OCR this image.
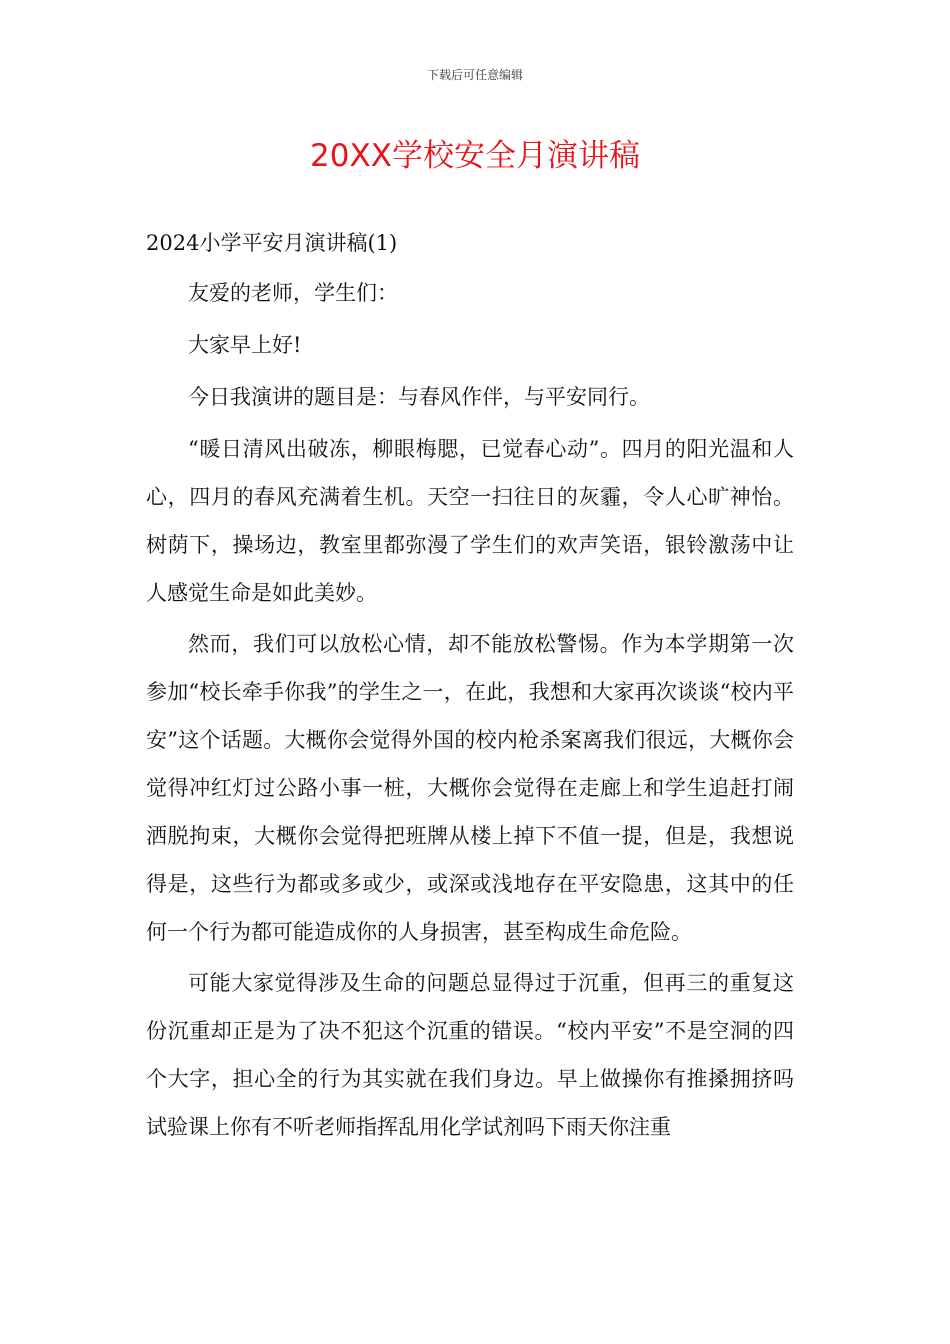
下载后可任意编辑
20XX学校安全月演讲稿

2024小学平安月演讲稿(1)

友爱的老师，学生们：

大家早上好!

今日我演讲的题目是：与春风作伴，与平安同行。

“暖日清风出破冻，柳眼梅腮，已觉春心动”。四月的阳光温和人心，四月的春风充满着生机。天空一扫往日的灰霾，令人心旷神怡。树荫下，操场边，教室里都弥漫了学生们的欢声笑语，银铃激荡中让人感觉生命是如此美妙。

然而，我们可以放松心情，却不能放松警惕。作为本学期第一次参加“校长牵手你我”的学生之一，在此，我想和大家再次谈谈“校内平安”这个话题。大概你会觉得外国的校内枪杀案离我们很远，大概你会觉得冲红灯过公路小事一桩，大概你会觉得在走廊上和学生追赶打闹洒脱拘束，大概你会觉得把班牌从楼上掉下不值一提，但是，我想说得是，这些行为都或多或少，或深或浅地存在平安隐患，这其中的任何一个行为都可能造成你的人身损害，甚至构成生命危险。

可能大家觉得涉及生命的问题总显得过于沉重，但再三的重复这份沉重却正是为了决不犯这个沉重的错误。“校内平安”不是空洞的四个大字，担心全的行为其实就在我们身边。早上做操你有推搡拥挤吗试验课上你有不听老师指挥乱用化学试剂吗下雨天你注重
